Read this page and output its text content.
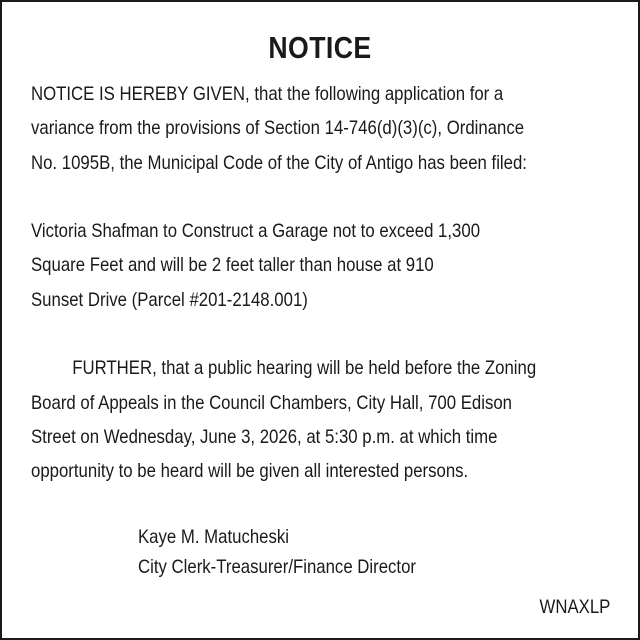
NOTICE
NOTICE IS HEREBY GIVEN, that the following application for a
variance from the provisions of Section 14-746(d)(3)(c), Ordinance
No. 1095B, the Municipal Code of the City of Antigo has been filed:
Victoria Shafman to Construct a Garage not to exceed 1,300
Square Feet and will be 2 feet taller than house at 910
Sunset Drive (Parcel #201-2148.001)
FURTHER, that a public hearing will be held before the Zoning
Board of Appeals in the Council Chambers, City Hall, 700 Edison
Street on Wednesday, June 3, 2026, at 5:30 p.m. at which time
opportunity to be heard will be given all interested persons.
Kaye M. Matucheski
City Clerk-Treasurer/Finance Director
WNAXLP
